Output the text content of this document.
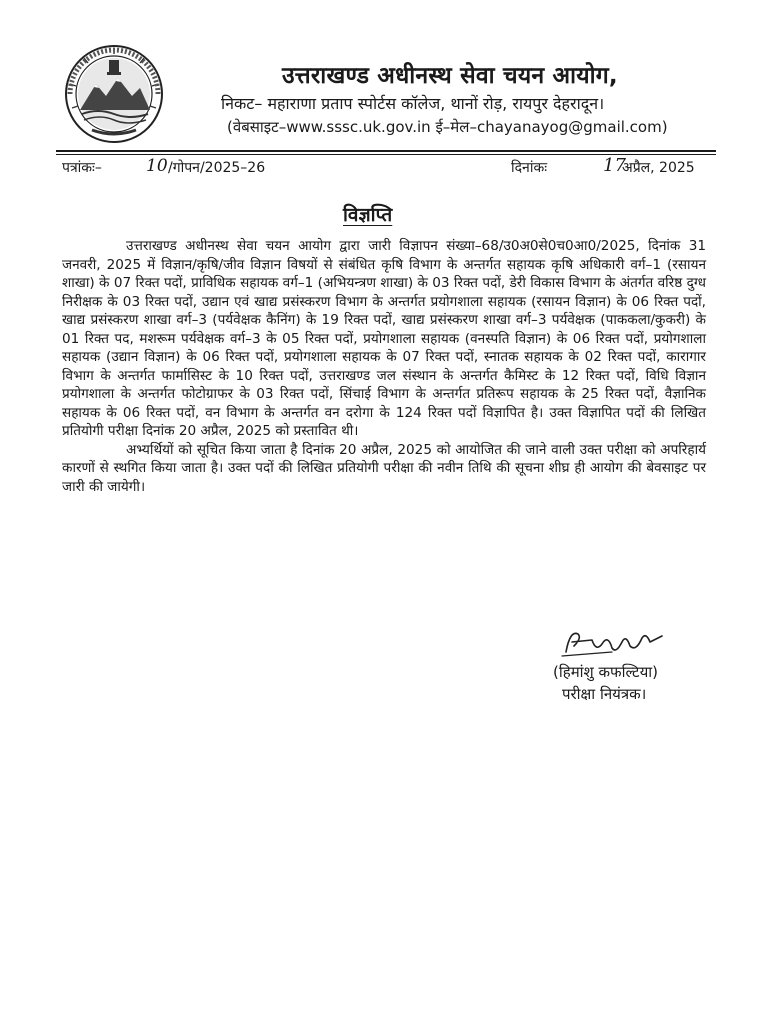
उत्तराखण्ड अधीनस्थ सेवा चयन आयोग,
निकट– महाराणा प्रताप स्पोर्टस कॉलेज, थानों रोड़, रायपुर देहरादून।
(वेबसाइट–www.sssc.uk.gov.in ई–मेल–chayanayog@gmail.com)
पत्रांकः–	10 /गोपन/2025–26	दिनांकः	17
अप्रैल, 2025
विज्ञप्ति

उत्तराखण्ड अधीनस्थ सेवा चयन आयोग द्वारा जारी विज्ञापन संख्या–68/उ0अ0से0च0आ0/2025, दिनांक 31 जनवरी, 2025 में विज्ञान/कृषि/जीव विज्ञान विषयों से संबंधित कृषि विभाग के अन्तर्गत सहायक कृषि अधिकारी वर्ग–1 (रसायन शाखा) के 07 रिक्त पदों, प्राविधिक सहायक वर्ग–1 (अभियन्त्रण शाखा) के 03 रिक्त पदों, डेरी विकास विभाग के अंतर्गत वरिष्ठ दुग्ध निरीक्षक के 03 रिक्त पदों, उद्यान एवं खाद्य प्रसंस्करण विभाग के अन्तर्गत प्रयोगशाला सहायक (रसायन विज्ञान) के 06 रिक्त पदों, खाद्य प्रसंस्करण शाखा वर्ग–3 (पर्यवेक्षक कैनिंग) के 19 रिक्त पदों, खाद्य प्रसंस्करण शाखा वर्ग–3 पर्यवेक्षक (पाककला/कुकरी) के 01 रिक्त पद, मशरूम पर्यवेक्षक वर्ग–3 के 05 रिक्त पदों, प्रयोगशाला सहायक (वनस्पति विज्ञान) के 06 रिक्त पदों, प्रयोगशाला सहायक (उद्यान विज्ञान) के 06 रिक्त पदों, प्रयोगशाला सहायक के 07 रिक्त पदों, स्नातक सहायक के 02 रिक्त पदों, कारागार विभाग के अन्तर्गत फार्मासिस्ट के 10 रिक्त पदों, उत्तराखण्ड जल संस्थान के अन्तर्गत कैमिस्ट के 12 रिक्त पदों, विधि विज्ञान प्रयोगशाला के अन्तर्गत फोटोग्राफर के 03 रिक्त पदों, सिंचाई विभाग के अन्तर्गत प्रतिरूप सहायक के 25 रिक्त पदों, वैज्ञानिक सहायक के 06 रिक्त पदों, वन विभाग के अन्तर्गत वन दरोगा के 124 रिक्त पदों विज्ञापित है। उक्त विज्ञापित पदों की लिखित प्रतियोगी परीक्षा दिनांक 20 अप्रैल, 2025 को प्रस्तावित थी।

अभ्यर्थियों को सूचित किया जाता है दिनांक 20 अप्रैल, 2025 को आयोजित की जाने वाली उक्त परीक्षा को अपरिहार्य कारणों से स्थगित किया जाता है। उक्त पदों की लिखित प्रतियोगी परीक्षा की नवीन तिथि की सूचना शीघ्र ही आयोग की बेवसाइट पर जारी की जायेगी।

(हिमांशु कफल्टिया)
परीक्षा नियंत्रक।
